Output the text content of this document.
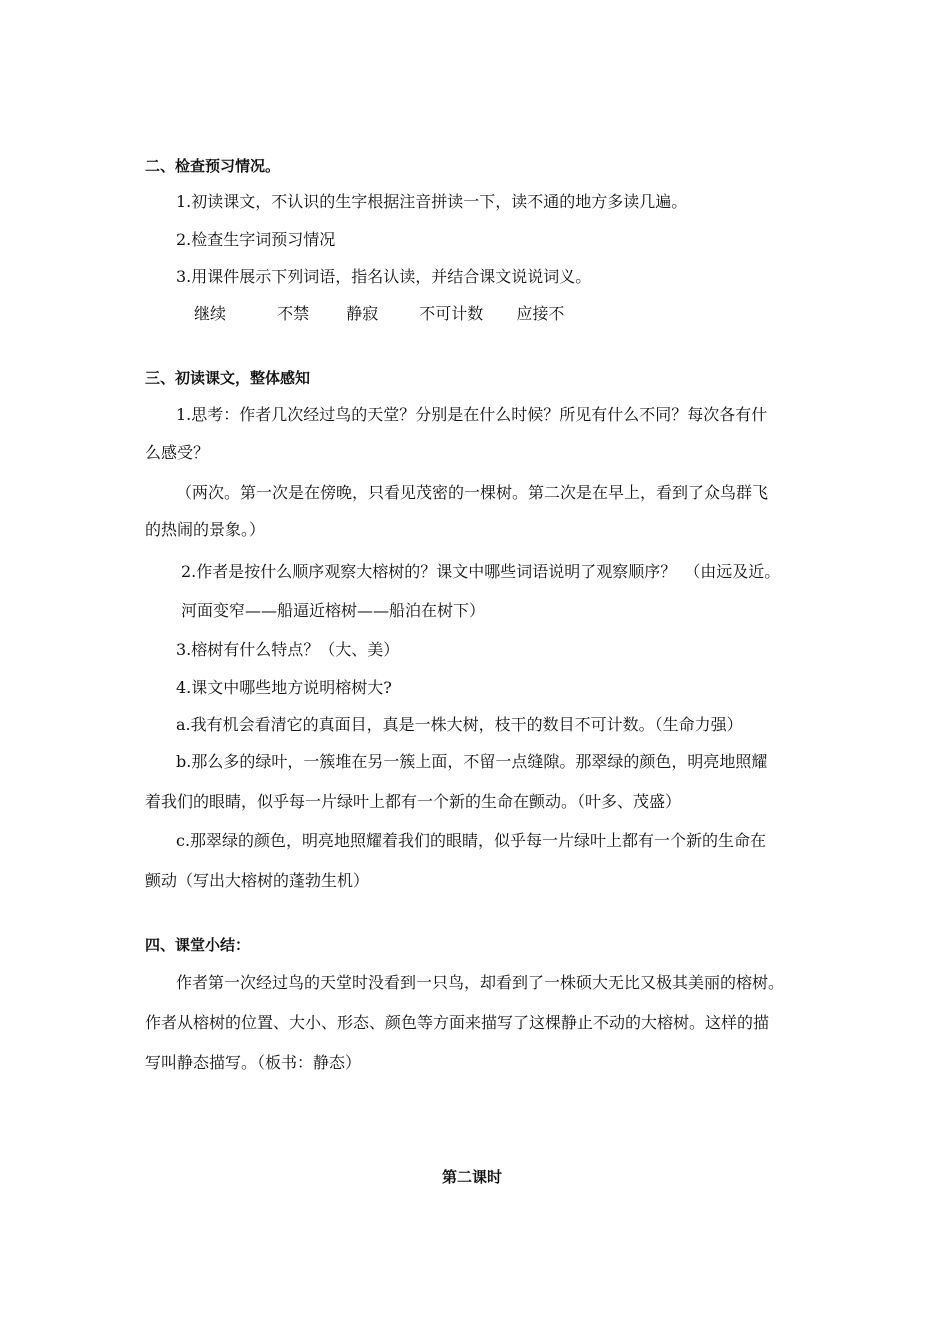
二、检查预习情况。
1.初读课文，不认识的生字根据注音拼读一下，读不通的地方多读几遍。
2.检查生字词预习情况
3.用课件展示下列词语，指名认读，并结合课文说说词义。
继续	不禁 静寂	不可计数 应接不
三、初读课文，整体感知
1.思考：作者几次经过鸟的天堂？分别是在什么时候？所见有什么不同？每次各有什
么感受？
（两次。第一次是在傍晚，只看见茂密的一棵树。第二次是在早上，看到了众鸟群飞
的热闹的景象。）
2.作者是按什么顺序观察大榕树的？课文中哪些词语说明了观察顺序？　（由远及近。
河面变窄——船逼近榕树——船泊在树下）
3.榕树有什么特点？（大、美）
4.课文中哪些地方说明榕树大?
a.我有机会看清它的真面目，真是一株大树，枝干的数目不可计数。（生命力强）
b.那么多的绿叶，一簇堆在另一簇上面，不留一点缝隙。那翠绿的颜色，明亮地照耀
着我们的眼睛，似乎每一片绿叶上都有一个新的生命在颤动。（叶多、茂盛）
c.那翠绿的颜色，明亮地照耀着我们的眼睛，似乎每一片绿叶上都有一个新的生命在
颤动（写出大榕树的蓬勃生机）
四、课堂小结：
作者第一次经过鸟的天堂时没看到一只鸟，却看到了一株硕大无比又极其美丽的榕树。
作者从榕树的位置、大小、形态、颜色等方面来描写了这棵静止不动的大榕树。这样的描
写叫静态描写。（板书：静态）
第二课时
